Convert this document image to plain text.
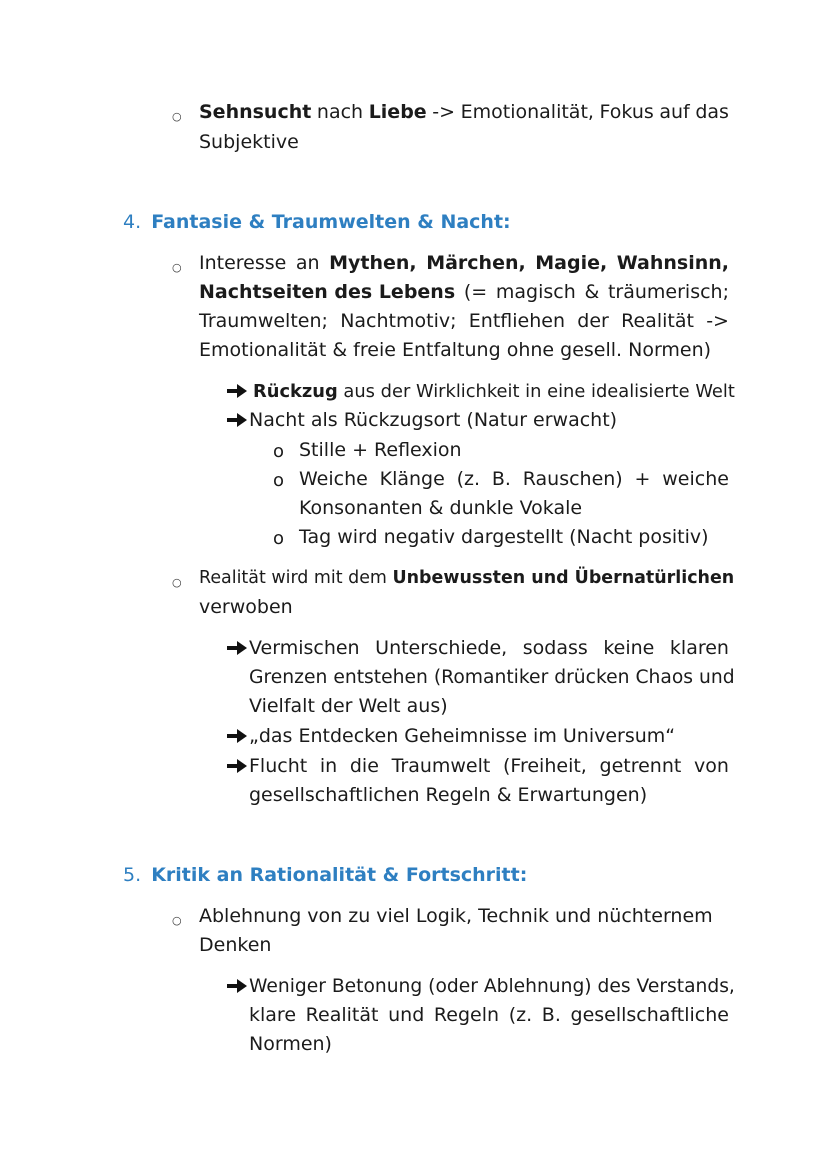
○ Sehnsucht nach Liebe -> Emotionalität, Fokus auf das
Subjektive
4. Fantasie & Traumwelten & Nacht:
○ Interesse an Mythen, Märchen, Magie, Wahnsinn,
Nachtseiten des Lebens (= magisch & träumerisch;
Traumwelten; Nachtmotiv; Entfliehen der Realität ->
Emotionalität & freie Entfaltung ohne gesell. Normen)
Rückzug aus der Wirklichkeit in eine idealisierte Welt
Nacht als Rückzugsort (Natur erwacht)
o Stille + Reflexion
o Weiche Klänge (z. B. Rauschen) + weiche
Konsonanten & dunkle Vokale
o Tag wird negativ dargestellt (Nacht positiv)
○ Realität wird mit dem Unbewussten und Übernatürlichen
verwoben
Vermischen Unterschiede, sodass keine klaren
Grenzen entstehen (Romantiker drücken Chaos und
Vielfalt der Welt aus)
„das Entdecken Geheimnisse im Universum“
Flucht in die Traumwelt (Freiheit, getrennt von
gesellschaftlichen Regeln & Erwartungen)
5. Kritik an Rationalität & Fortschritt:
○ Ablehnung von zu viel Logik, Technik und nüchternem
Denken
Weniger Betonung (oder Ablehnung) des Verstands,
klare Realität und Regeln (z. B. gesellschaftliche
Normen)
